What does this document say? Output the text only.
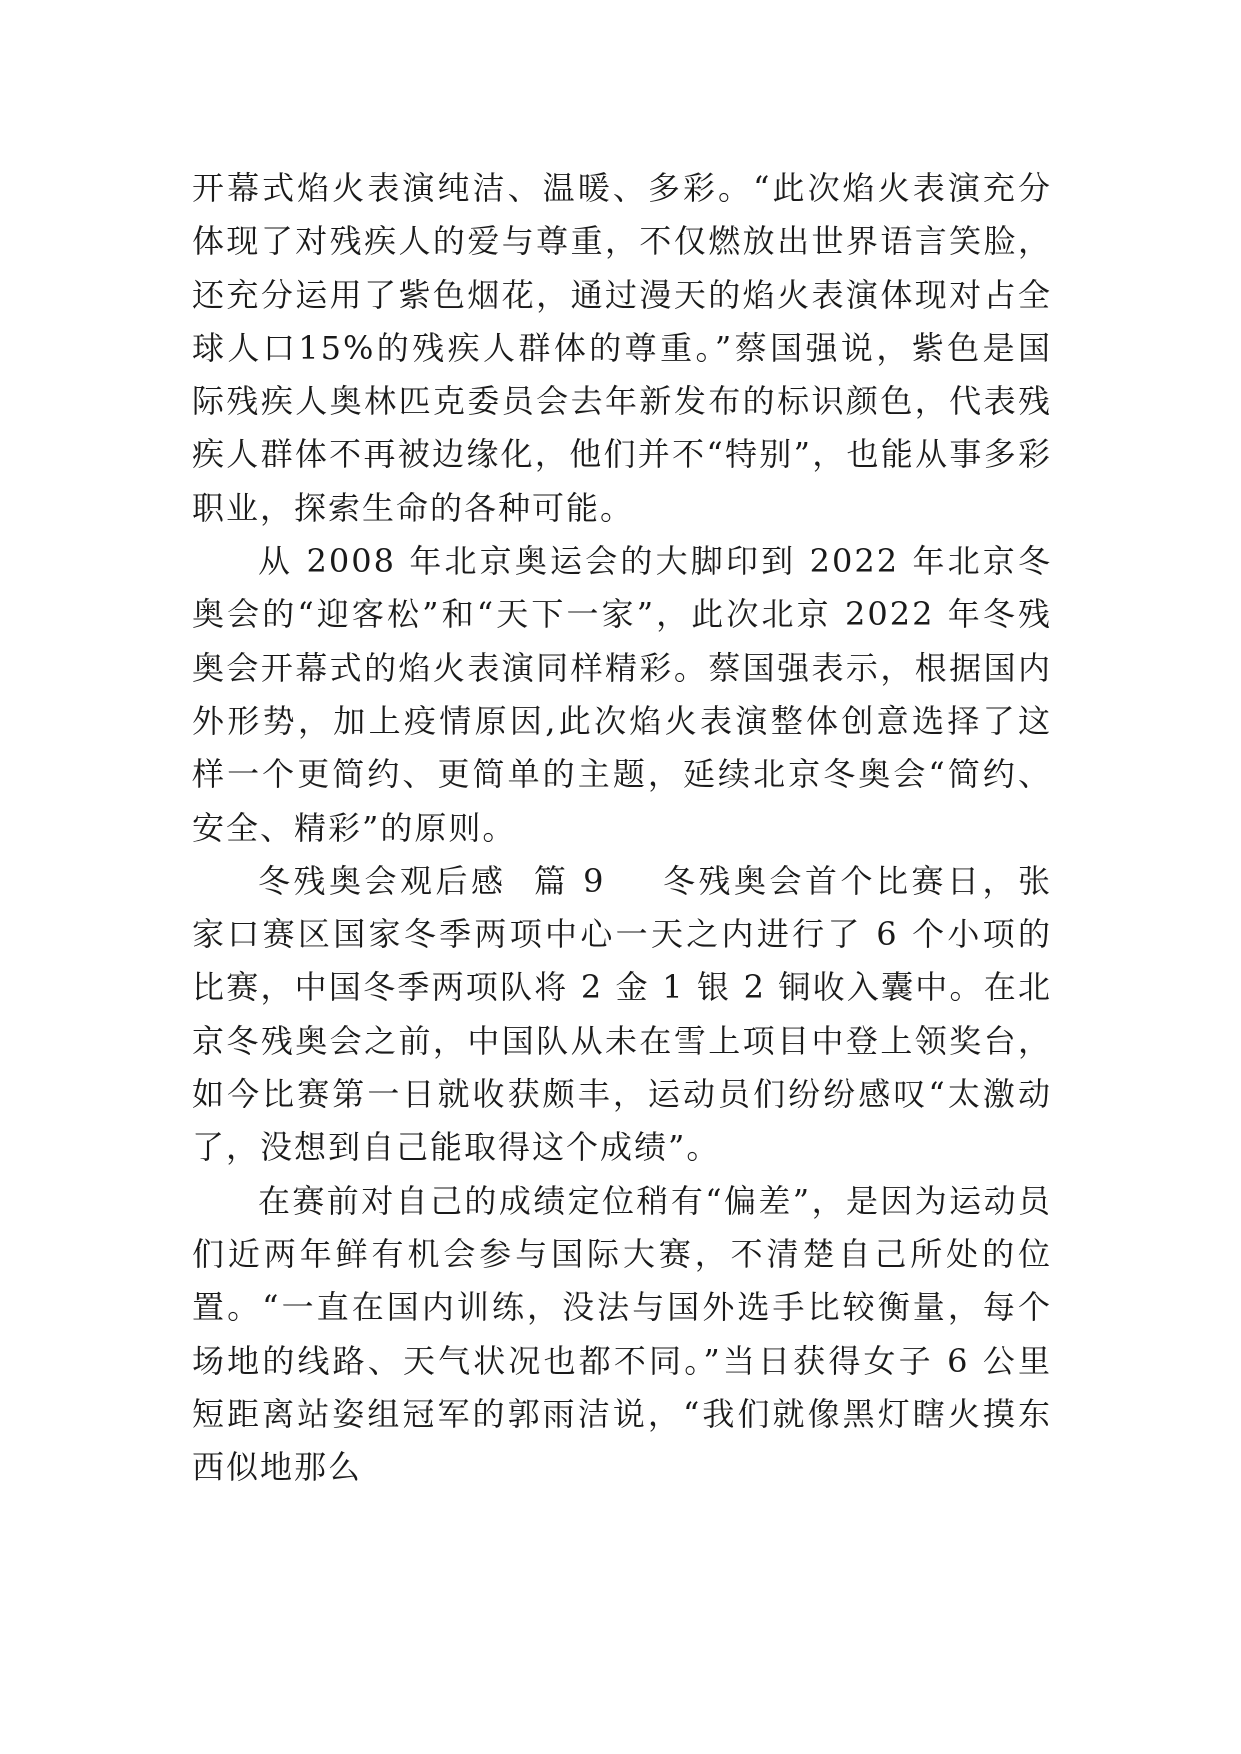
开幕式焰火表演纯洁、温暖、多彩。“此次焰火表演充分体现了对残疾人的爱与尊重，不仅燃放出世界语言笑脸，还充分运用了紫色烟花，通过漫天的焰火表演体现对占全球人口15%的残疾人群体的尊重。”蔡国强说，紫色是国际残疾人奥林匹克委员会去年新发布的标识颜色，代表残疾人群体不再被边缘化，他们并不“特别”，也能从事多彩职业，探索生命的各种可能。

从 2008 年北京奥运会的大脚印到 2022 年北京冬奥会的“迎客松”和“天下一家”，此次北京 2022 年冬残奥会开幕式的焰火表演同样精彩。蔡国强表示，根据国内外形势，加上疫情原因,此次焰火表演整体创意选择了这样一个更简约、更简单的主题，延续北京冬奥会“简约、安全、精彩”的原则。

冬残奥会观后感  篇 9 冬残奥会首个比赛日，张家口赛区国家冬季两项中心一天之内进行了 6 个小项的比赛，中国冬季两项队将 2 金 1 银 2 铜收入囊中。在北京冬残奥会之前，中国队从未在雪上项目中登上领奖台，如今比赛第一日就收获颇丰，运动员们纷纷感叹“太激动了，没想到自己能取得这个成绩”。

在赛前对自己的成绩定位稍有“偏差”，是因为运动员们近两年鲜有机会参与国际大赛，不清楚自己所处的位置。“一直在国内训练，没法与国外选手比较衡量，每个场地的线路、天气状况也都不同。”当日获得女子 6 公里短距离站姿组冠军的郭雨洁说，“我们就像黑灯瞎火摸东西似地那么
